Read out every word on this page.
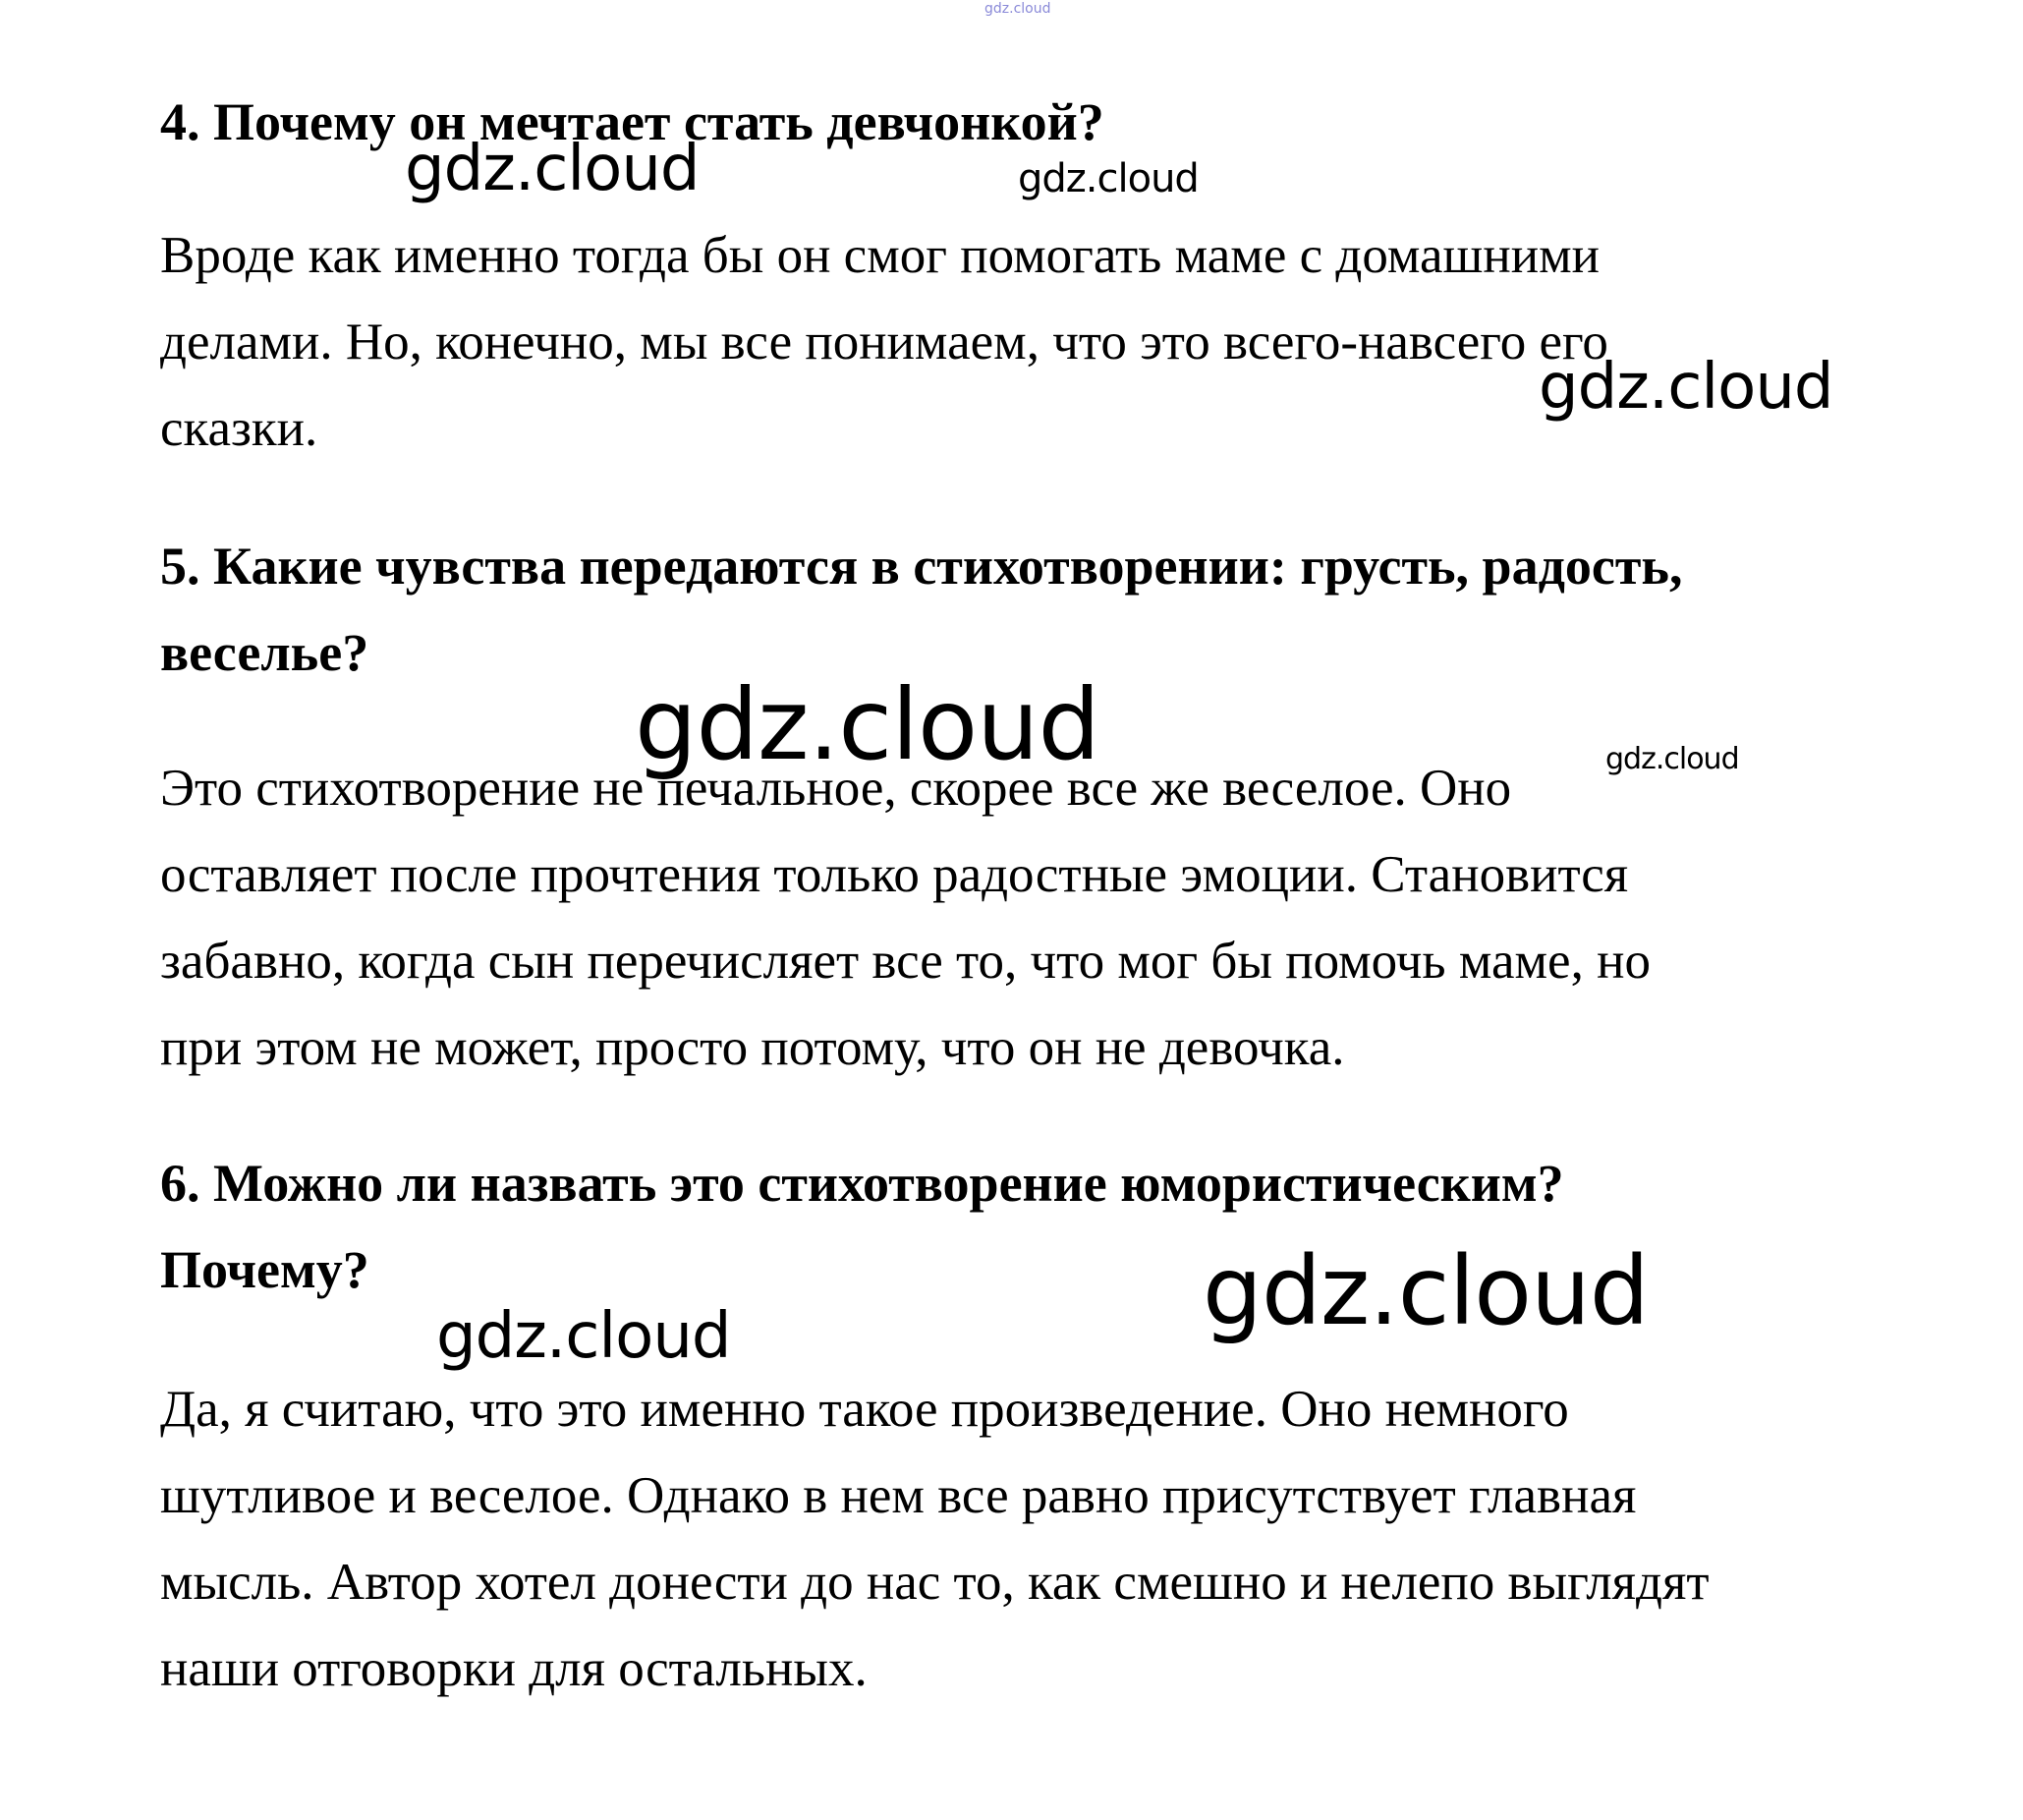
4. Почему он мечтает стать девчонкой?
Вроде как именно тогда бы он смог помогать маме с домашними
делами. Но, конечно, мы все понимаем, что это всего-навсего его
сказки.
5. Какие чувства передаются в стихотворении: грусть, радость,
веселье?
Это стихотворение не печальное, скорее все же веселое. Оно
оставляет после прочтения только радостные эмоции. Становится
забавно, когда сын перечисляет все то, что мог бы помочь маме, но
при этом не может, просто потому, что он не девочка.
6. Можно ли назвать это стихотворение юмористическим?
Почему?
Да, я считаю, что это именно такое произведение. Оно немного
шутливое и веселое. Однако в нем все равно присутствует главная
мысль. Автор хотел донести до нас то, как смешно и нелепо выглядят
наши отговорки для остальных.
gdz.cloud
gdz.cloud	gdz.cloud
gdz.cloud
gdz.cloud	gdz.cloud
gdz.cloud
gdz.cloud
